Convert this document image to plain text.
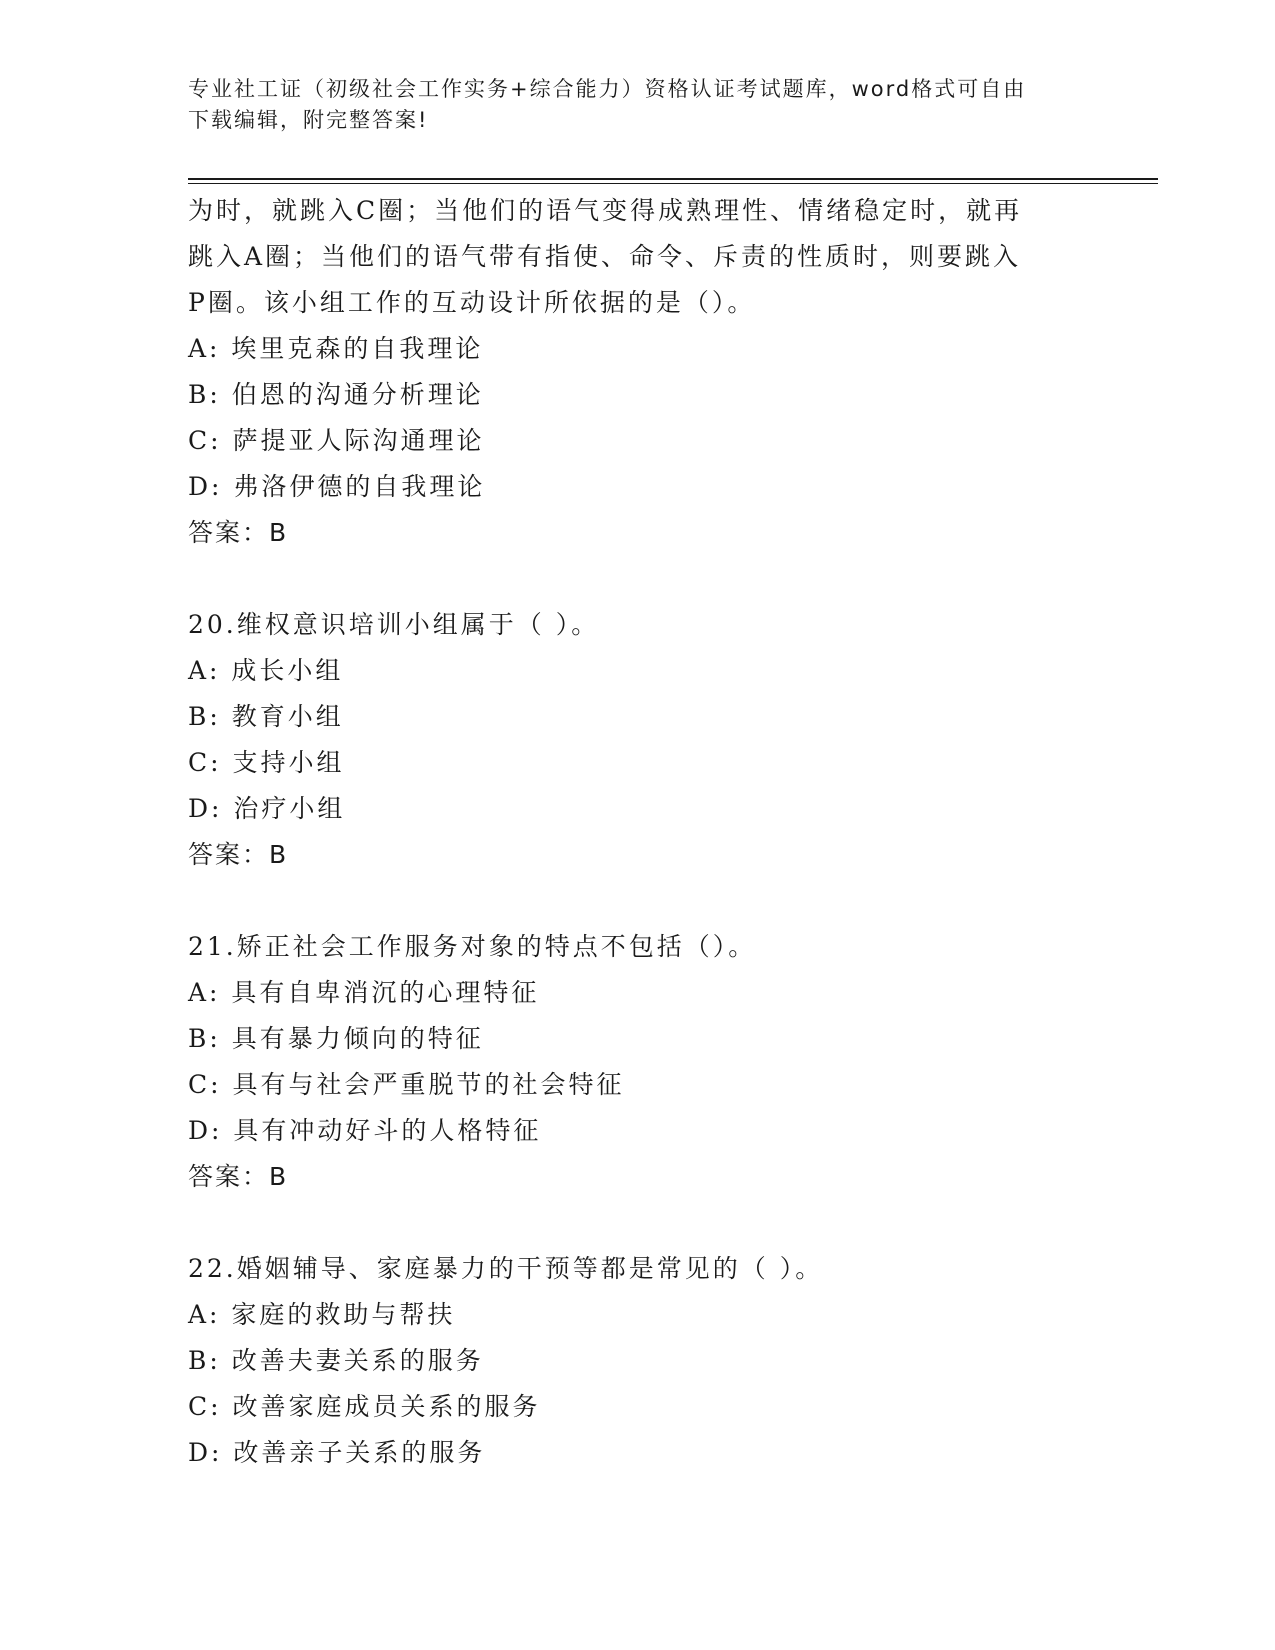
专业社工证（初级社会工作实务+综合能力）资格认证考试题库，word格式可自由
下载编辑，附完整答案!
为时，就跳入C圈；当他们的语气变得成熟理性、情绪稳定时，就再
跳入A圈；当他们的语气带有指使、命令、斥责的性质时，则要跳入
P圈。该小组工作的互动设计所依据的是（）。
A: 埃里克森的自我理论
B: 伯恩的沟通分析理论
C: 萨提亚人际沟通理论
D: 弗洛伊德的自我理论
答案：B
20.维权意识培训小组属于（ ）。
A: 成长小组
B: 教育小组
C: 支持小组
D: 治疗小组
答案：B
21.矫正社会工作服务对象的特点不包括（）。
A: 具有自卑消沉的心理特征
B: 具有暴力倾向的特征
C: 具有与社会严重脱节的社会特征
D: 具有冲动好斗的人格特征
答案：B
22.婚姻辅导、家庭暴力的干预等都是常见的（ ）。
A: 家庭的救助与帮扶
B: 改善夫妻关系的服务
C: 改善家庭成员关系的服务
D: 改善亲子关系的服务
